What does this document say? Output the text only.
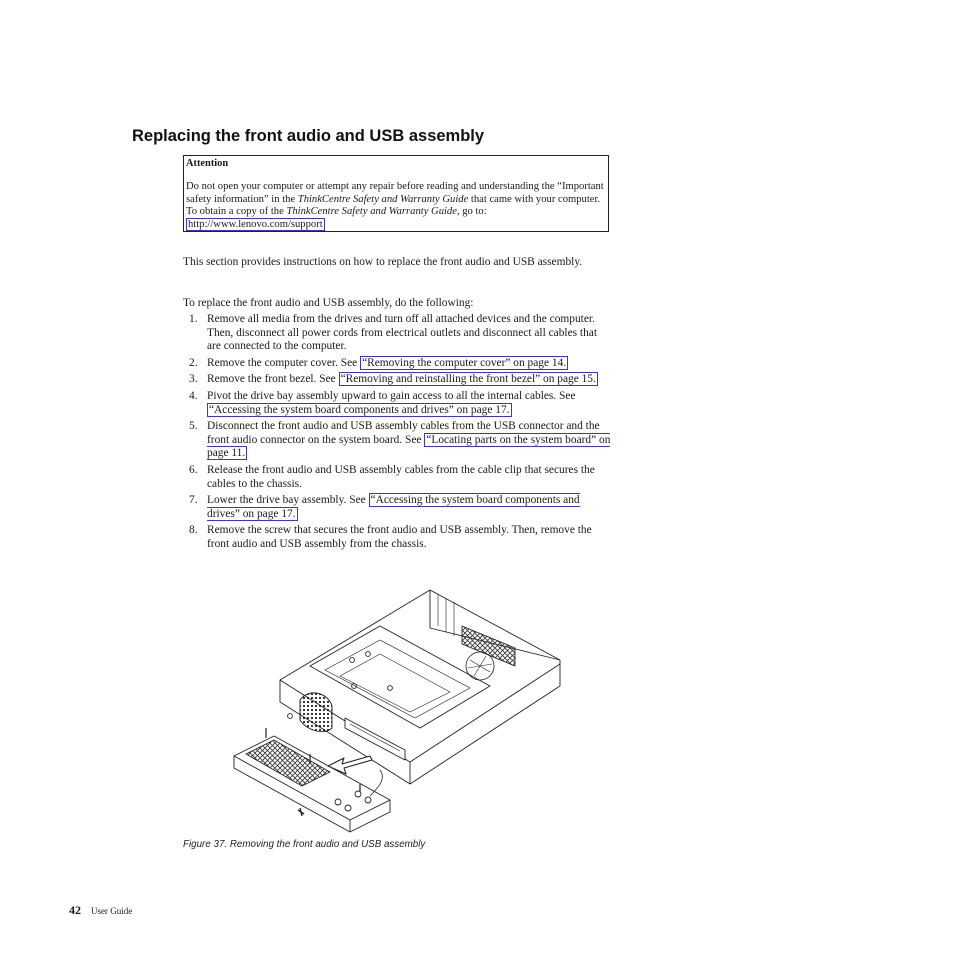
Replacing the front audio and USB assembly

Attention

Do not open your computer or attempt any repair before reading and understanding the “Important safety information” in the ThinkCentre Safety and Warranty Guide that came with your computer. To obtain a copy of the ThinkCentre Safety and Warranty Guide, go to:
http://www.lenovo.com/support

This section provides instructions on how to replace the front audio and USB assembly.

To replace the front audio and USB assembly, do the following:

1. Remove all media from the drives and turn off all attached devices and the computer. Then, disconnect all power cords from electrical outlets and disconnect all cables that are connected to the computer.
2. Remove the computer cover. See “Removing the computer cover” on page 14.
3. Remove the front bezel. See “Removing and reinstalling the front bezel” on page 15.
4. Pivot the drive bay assembly upward to gain access to all the internal cables. See “Accessing the system board components and drives” on page 17.
5. Disconnect the front audio and USB assembly cables from the USB connector and the front audio connector on the system board. See “Locating parts on the system board” on page 11.
6. Release the front audio and USB assembly cables from the cable clip that secures the cables to the chassis.
7. Lower the drive bay assembly. See “Accessing the system board components and drives” on page 17.
8. Remove the screw that secures the front audio and USB assembly. Then, remove the front audio and USB assembly from the chassis.

Figure 37. Removing the front audio and USB assembly

42 User Guide
